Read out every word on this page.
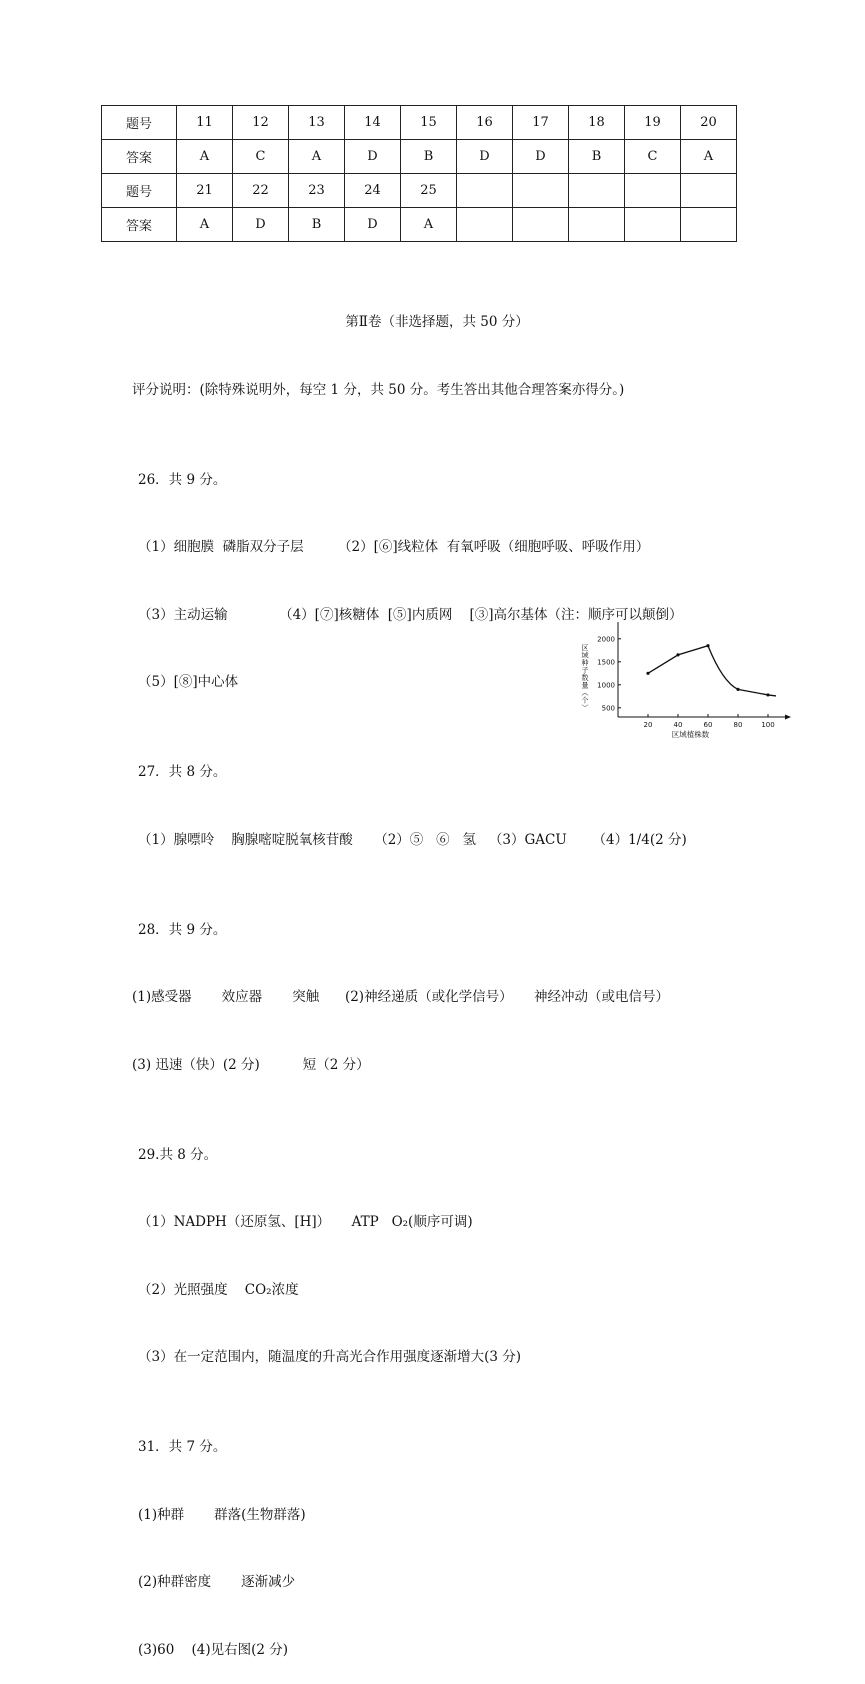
题号	11	12	13	14	15	16	17	18	19	20
答案	A	C	A	D	B	D	D	B	C	A
题号	21	22	23	24	25					
答案	A	D	B	D	A					

第Ⅱ卷（非选择题，共 50 分）

评分说明：(除特殊说明外，每空 1 分，共 50 分。考生答出其他合理答案亦得分。)

26．共 9 分。

（1）细胞膜  磷脂双分子层        （2）[⑥]线粒体  有氧呼吸（细胞呼吸、呼吸作用）

（3）主动运输            （4）[⑦]核糖体  [⑤]内质网    [③]高尔基体（注：顺序可以颠倒）

（5）[⑧]中心体

27．共 8 分。

（1）腺嘌呤    胸腺嘧啶脱氧核苷酸     （2）⑤   ⑥   氢   （3）GACU      （4）1/4(2 分)

28．共 9 分。

(1)感受器       效应器       突触      (2)神经递质（或化学信号）     神经冲动（或电信号）

(3) 迅速（快）(2 分)          短（2 分）

29.共 8 分。

（1）NADPH（还原氢、[H]）     ATP   O₂(顺序可调)

（2）光照强度    CO₂浓度

（3）在一定范围内，随温度的升高光合作用强度逐渐增大(3 分)

31．共 7 分。

(1)种群       群落(生物群落)

(2)种群密度       逐渐减少

(3)60    (4)见右图(2 分)

20	40	60	80	100
500
1000
1500
2000
区域种子数量（个）
区域植株数
